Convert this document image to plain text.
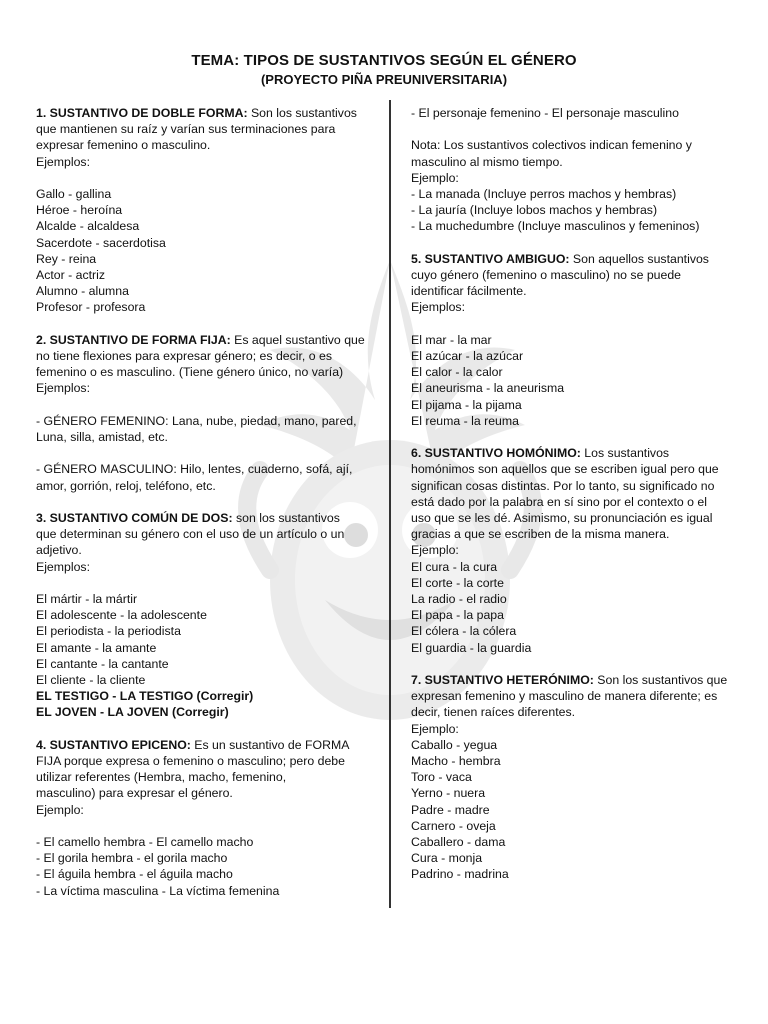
TEMA: TIPOS DE SUSTANTIVOS SEGÚN EL GÉNERO
(PROYECTO PIÑA PREUNIVERSITARIA)
1. SUSTANTIVO DE DOBLE FORMA: Son los sustantivos
que mantienen su raíz y varían sus terminaciones para
expresar femenino o masculino.
Ejemplos:
Gallo - gallina
Héroe - heroína
Alcalde - alcaldesa
Sacerdote - sacerdotisa
Rey - reina
Actor - actriz
Alumno - alumna
Profesor - profesora
2. SUSTANTIVO DE FORMA FIJA: Es aquel sustantivo que
no tiene flexiones para expresar género; es decir, o es
femenino o es masculino. (Tiene género único, no varía)
Ejemplos:
- GÉNERO FEMENINO: Lana, nube, piedad, mano, pared,
Luna, silla, amistad, etc.
- GÉNERO MASCULINO: Hilo, lentes, cuaderno, sofá, ají,
amor, gorrión, reloj, teléfono, etc.
3. SUSTANTIVO COMÚN DE DOS: son los sustantivos
que determinan su género con el uso de un artículo o un
adjetivo.
Ejemplos:
El mártir - la mártir
El adolescente - la adolescente
El periodista - la periodista
El amante - la amante
El cantante - la cantante
El cliente - la cliente
EL TESTIGO - LA TESTIGO (Corregir)
EL JOVEN - LA JOVEN (Corregir)
4. SUSTANTIVO EPICENO: Es un sustantivo de FORMA
FIJA porque expresa o femenino o masculino; pero debe
utilizar referentes (Hembra, macho, femenino,
masculino) para expresar el género.
Ejemplo:
- El camello hembra - El camello macho
- El gorila hembra - el gorila macho
- El águila hembra - el águila macho
- La víctima masculina - La víctima femenina
- El personaje femenino - El personaje masculino
Nota: Los sustantivos colectivos indican femenino y
masculino al mismo tiempo.
Ejemplo:
- La manada (Incluye perros machos y hembras)
- La jauría (Incluye lobos machos y hembras)
- La muchedumbre (Incluye masculinos y femeninos)
5. SUSTANTIVO AMBIGUO: Son aquellos sustantivos
cuyo género (femenino o masculino) no se puede
identificar fácilmente.
Ejemplos:
El mar - la mar
El azúcar - la azúcar
El calor - la calor
El aneurisma - la aneurisma
El pijama - la pijama
El reuma - la reuma
6. SUSTANTIVO HOMÓNIMO: Los sustantivos
homónimos son aquellos que se escriben igual pero que
significan cosas distintas. Por lo tanto, su significado no
está dado por la palabra en sí sino por el contexto o el
uso que se les dé. Asimismo, su pronunciación es igual
gracias a que se escriben de la misma manera.
Ejemplo:
El cura - la cura
El corte - la corte
La radio - el radio
El papa - la papa
El cólera - la cólera
El guardia - la guardia
7. SUSTANTIVO HETERÓNIMO: Son los sustantivos que
expresan femenino y masculino de manera diferente; es
decir, tienen raíces diferentes.
Ejemplo:
Caballo - yegua
Macho - hembra
Toro - vaca
Yerno - nuera
Padre - madre
Carnero - oveja
Caballero - dama
Cura - monja
Padrino - madrina
